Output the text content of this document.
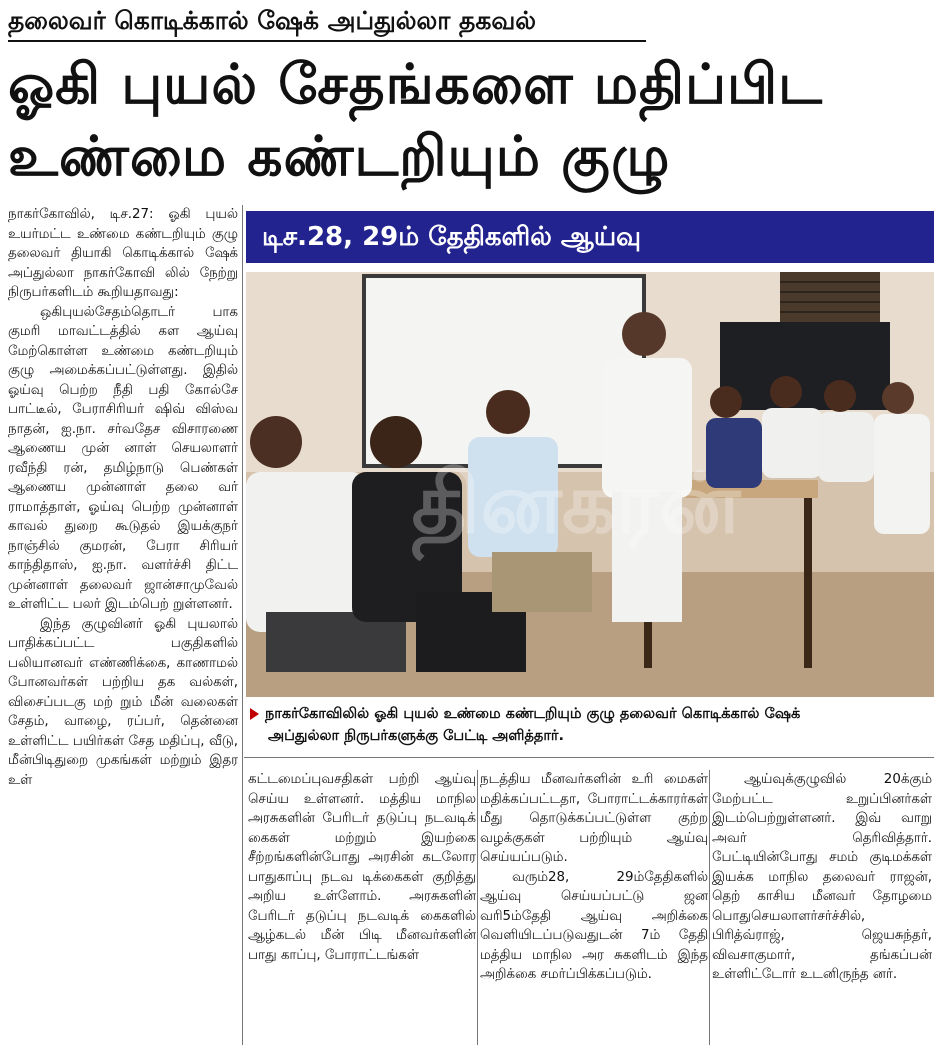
தலைவர் கொடிக்கால் ஷேக் அப்துல்லா தகவல்
ஓகி புயல் சேதங்களை மதிப்பிட
உண்மை கண்டறியும் குழு

நாகர்கோவில், டிச.27: ஓகி புயல் உயர்மட்ட உண்மை கண்டறியும் குழு தலைவர் தியாகி கொடிக்கால் ஷேக் அப்துல்லா நாகர்கோவி லில் நேற்று நிருபர்களிடம் கூறியதாவது:

ஒகிபுயல்சேதம்தொடர் பாக குமரி மாவட்டத்தில் கள ஆய்வு மேற்கொள்ள உண்மை கண்டறியும் குழு அமைக்கப்பட்டுள்ளது. இதில் ஓய்வு பெற்ற நீதி பதி கோல்சே பாட்டீல், பேராசிரியர் ஷிவ் விஸ்வ நாதன், ஐ.நா. சர்வதேச விசாரணை ஆணைய முன் னாள் செயலாளர் ரவீந்தி ரன், தமிழ்நாடு பெண்கள் ஆணைய முன்னாள் தலை வர் ராமாத்தாள், ஓய்வு பெற்ற முன்னாள் காவல் துறை கூடுதல் இயக்குநர் நாஞ்சில் குமரன், பேரா சிரியர் காந்திதாஸ், ஐ.நா. வளர்ச்சி திட்ட முன்னாள் தலைவர் ஜான்சாமுவேல் உள்ளிட்ட பலர் இடம்பெற் றுள்ளனர்.

இந்த குழுவினர் ஓகி புயலால் பாதிக்கப்பட்ட பகுதிகளில் பலியானவர் எண்ணிக்கை, காணாமல் போனவர்கள் பற்றிய தக வல்கள், விசைப்படகு மற் றும் மீன் வலைகள் சேதம், வாழை, ரப்பர், தென்னை உள்ளிட்ட பயிர்கள் சேத மதிப்பு, வீடு, மீன்பிடிதுறை முகங்கள் மற்றும் இதர உள்

டிச.28, 29ம் தேதிகளில் ஆய்வு
தினகரன்
நாகர்கோவிலில் ஓகி புயல் உண்மை கண்டறியும் குழு தலைவர் கொடிக்கால் ஷேக்
அப்துல்லா நிருபர்களுக்கு பேட்டி அளித்தார்.

கட்டமைப்புவசதிகள் பற்றி ஆய்வு செய்ய உள்ளனர். மத்திய மாநில அரசுகளின் பேரிடர் தடுப்பு நடவடிக் கைகள் மற்றும் இயற்கை சீற்றங்களின்போது அரசின் கடலோர பாதுகாப்பு நடவ டிக்கைகள் குறித்து அறிய உள்ளோம். அரசுகளின் பேரிடர் தடுப்பு நடவடிக் கைகளில் ஆழ்கடல் மீன் பிடி மீனவர்களின் பாது காப்பு, போராட்டங்கள்

நடத்திய மீனவர்களின் உரி மைகள் மதிக்கப்பட்டதா, போராட்டக்காரர்கள் மீது தொடுக்கப்பட்டுள்ள குற்ற வழக்குகள் பற்றியும் ஆய்வு செய்யப்படும்.

வரும்28, 29ம்தேதிகளில் ஆய்வு செய்யப்பட்டு ஜன வரி5ம்தேதி ஆய்வு அறிக்கை வெளியிடப்படுவதுடன் 7ம் தேதி மத்திய மாநில அர சுகளிடம் இந்த அறிக்கை சமர்ப்பிக்கப்படும்.

ஆய்வுக்குழுவில் 20க்கும் மேற்பட்ட உறுப்பினர்கள் இடம்பெற்றுள்ளனர். இவ் வாறு அவர் தெரிவித்தார். பேட்டியின்போது சமம் குடிமக்கள் இயக்க மாநில தலைவர் ராஜன், தெற் காசிய மீனவர் தோழமை பொதுசெயலாளர்சர்ச்சில், பிரித்வ்ராஜ், ஜெயசுந்தர், விவசாகுமார், தங்கப்பன் உள்ளிட்டோர் உடனிருந்த னர்.
